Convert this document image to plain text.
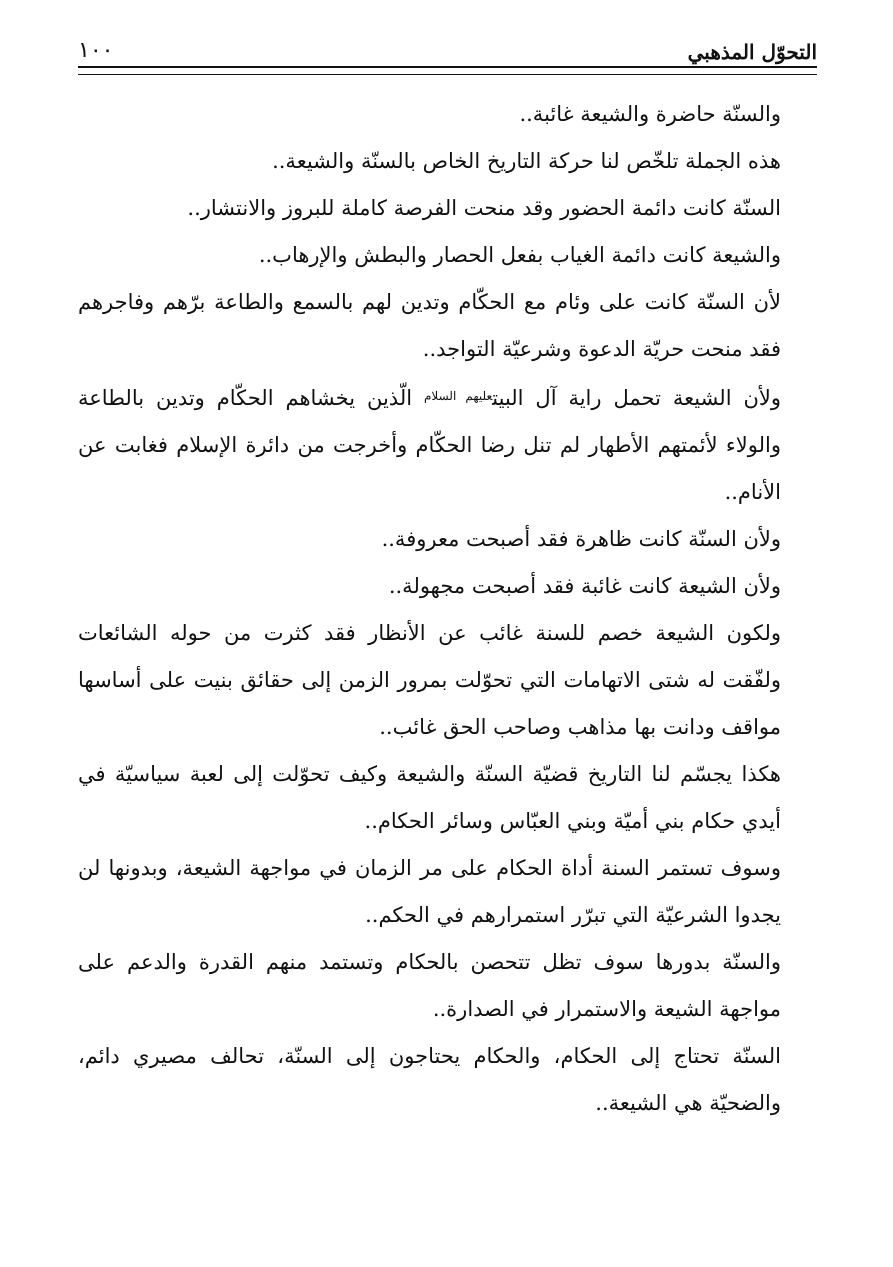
التحوّل المذهبي
١٠٠

والسنّة حاضرة والشيعة غائبة..

هذه الجملة تلخّص لنا حركة التاريخ الخاص بالسنّة والشيعة..

السنّة كانت دائمة الحضور وقد منحت الفرصة كاملة للبروز والانتشار..

والشيعة كانت دائمة الغياب بفعل الحصار والبطش والإرهاب..

لأن السنّة كانت على وئام مع الحكّام وتدين لهم بالسمع والطاعة برّهم وفاجرهم فقد منحت حريّة الدعوة وشرعيّة التواجد..

ولأن الشيعة تحمل راية آل البيت$^{عليهم السلام}$ الّذين يخشاهم الحكّام وتدين بالطاعة والولاء لأئمتهم الأطهار لم تنل رضا الحكّام وأخرجت من دائرة الإسلام فغابت عن الأنام..

ولأن السنّة كانت ظاهرة فقد أصبحت معروفة..

ولأن الشيعة كانت غائبة فقد أصبحت مجهولة..

ولكون الشيعة خصم للسنة غائب عن الأنظار فقد كثرت من حوله الشائعات ولفّقت له شتى الاتهامات التي تحوّلت بمرور الزمن إلى حقائق بنيت على أساسها مواقف ودانت بها مذاهب وصاحب الحق غائب..

هكذا يجسّم لنا التاريخ قضيّة السنّة والشيعة وكيف تحوّلت إلى لعبة سياسيّة في أيدي حكام بني أميّة وبني العبّاس وسائر الحكام..

وسوف تستمر السنة أداة الحكام على مر الزمان في مواجهة الشيعة، وبدونها لن يجدوا الشرعيّة التي تبرّر استمرارهم في الحكم..

والسنّة بدورها سوف تظل تتحصن بالحكام وتستمد منهم القدرة والدعم على مواجهة الشيعة والاستمرار في الصدارة..

السنّة تحتاج إلى الحكام، والحكام يحتاجون إلى السنّة، تحالف مصيري دائم، والضحيّة هي الشيعة..
